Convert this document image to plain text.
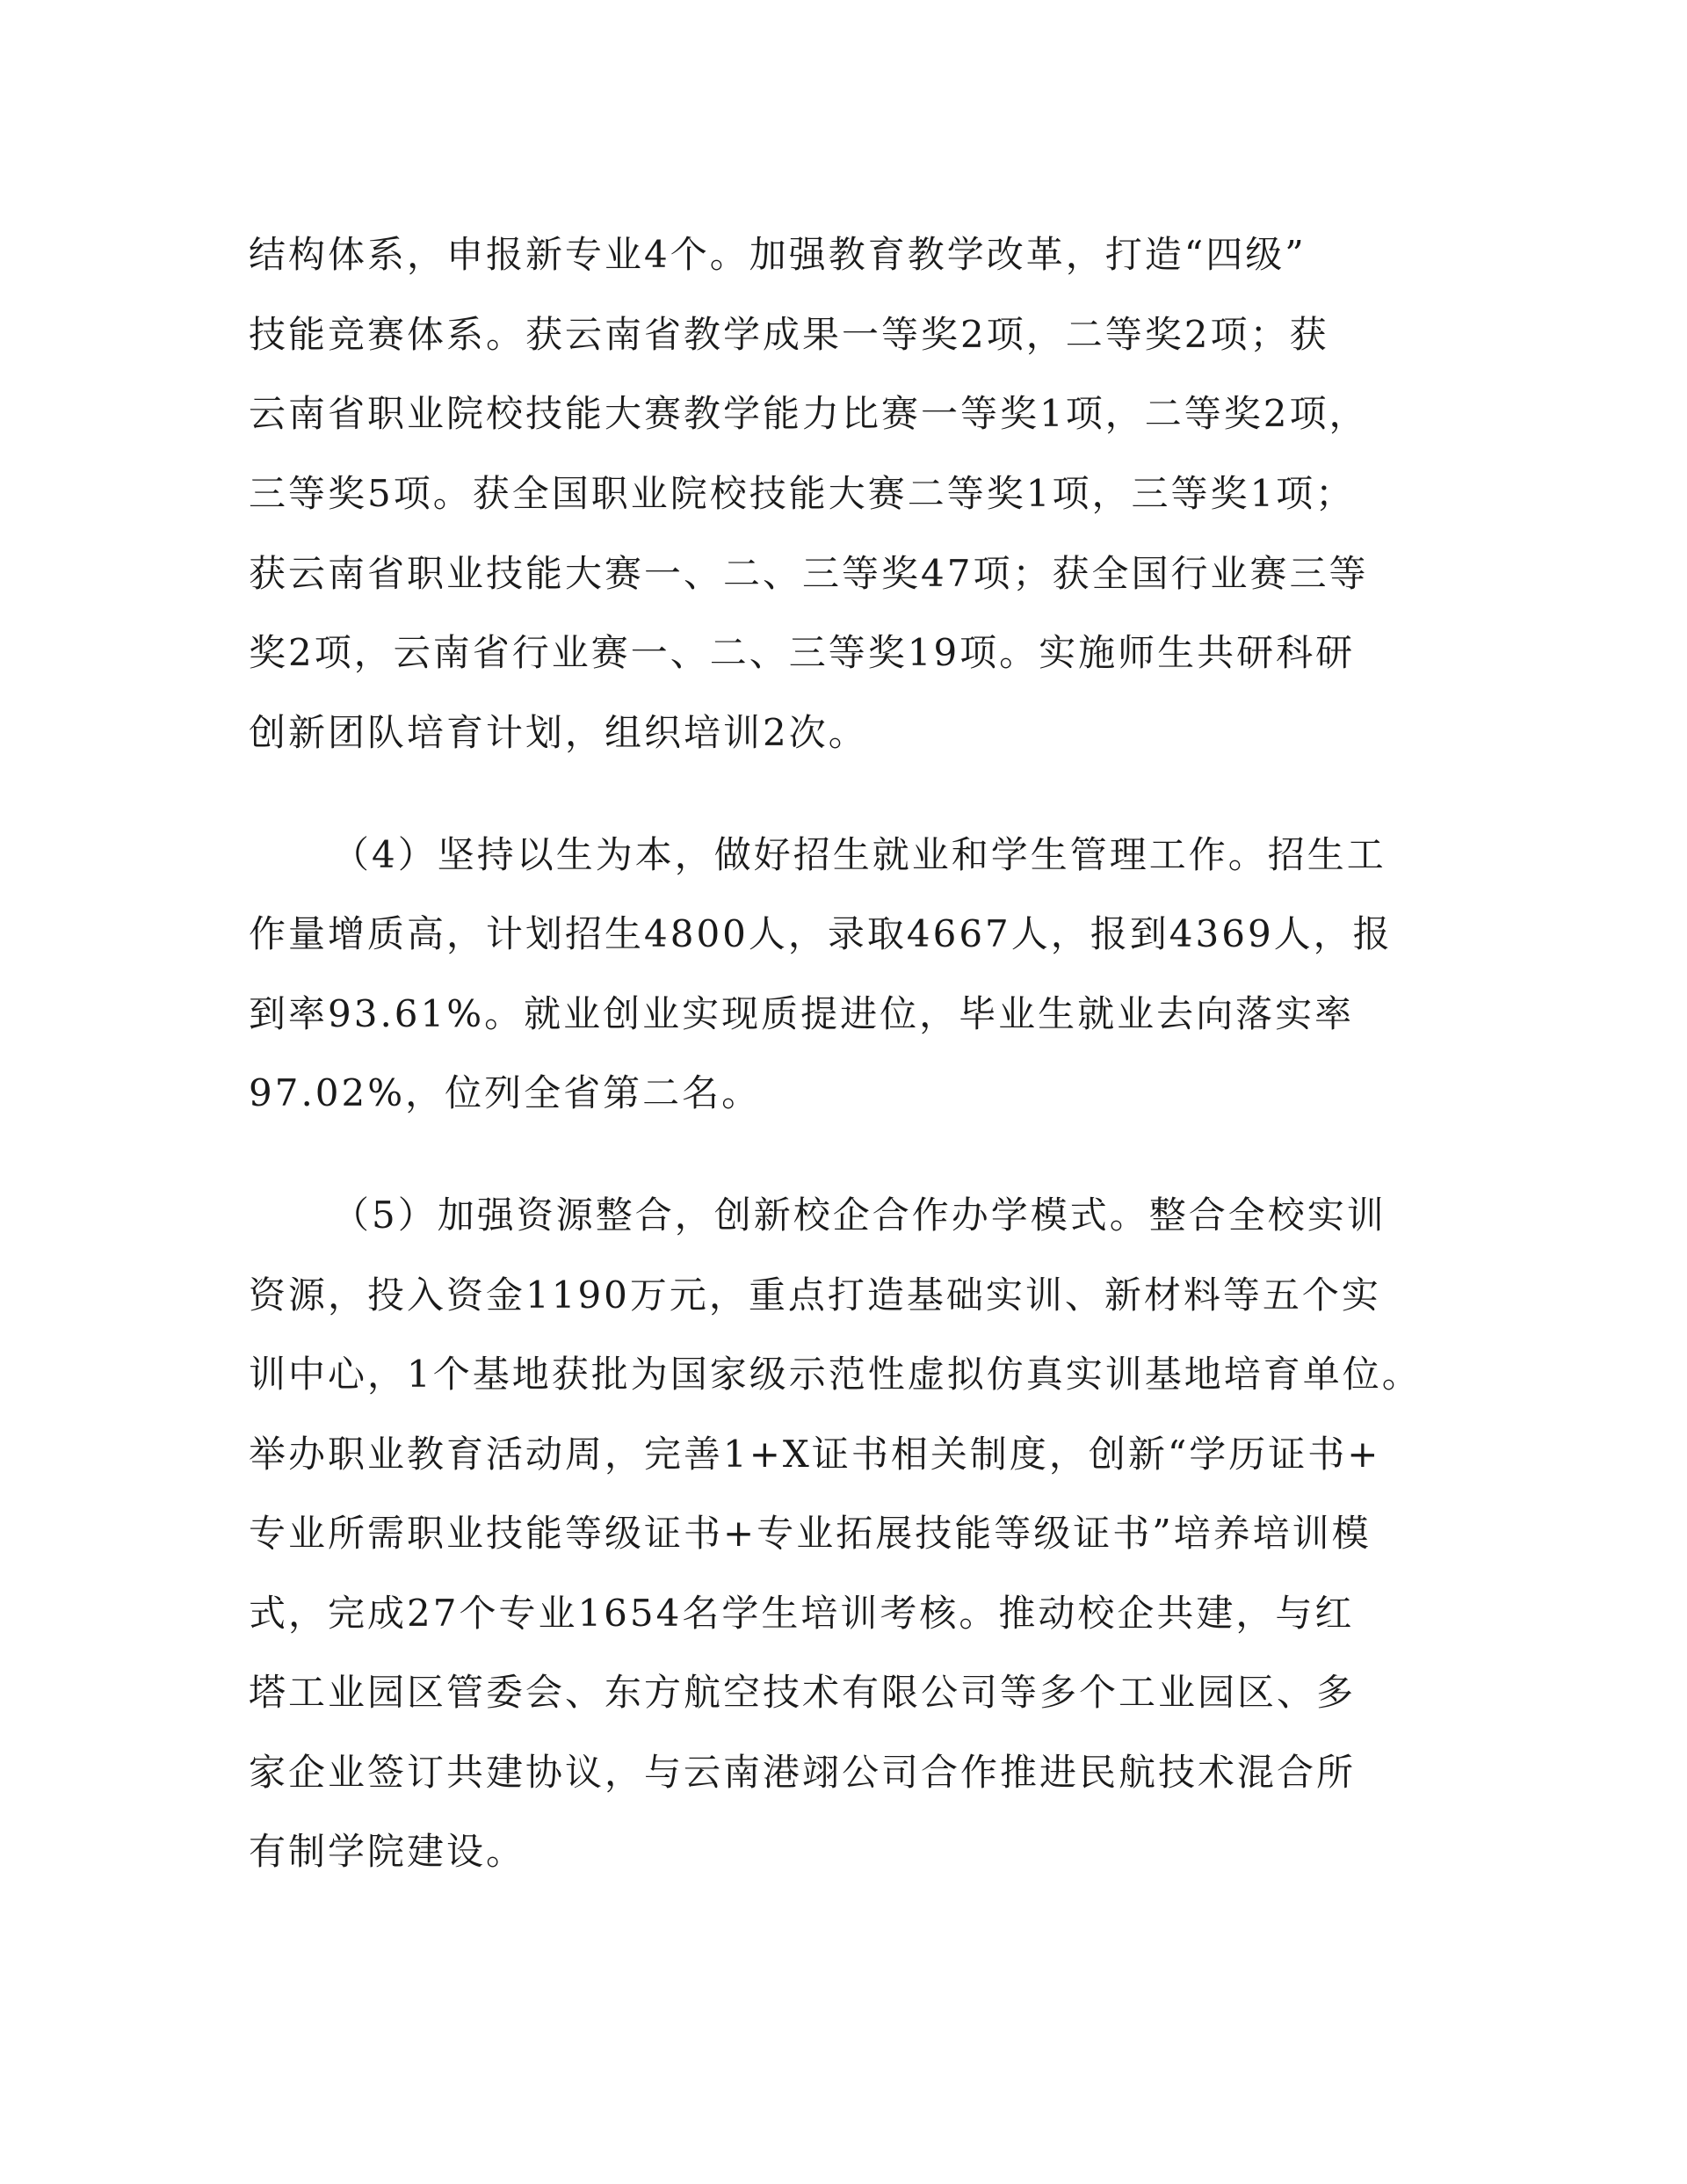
结构体系，申报新专业4个。加强教育教学改革，打造“四级”
技能竞赛体系。获云南省教学成果一等奖2项，二等奖2项；获
云南省职业院校技能大赛教学能力比赛一等奖1项，二等奖2项，
三等奖5项。获全国职业院校技能大赛二等奖1项，三等奖1项；
获云南省职业技能大赛一、二、三等奖47项；获全国行业赛三等
奖2项，云南省行业赛一、二、三等奖19项。实施师生共研科研
创新团队培育计划，组织培训2次。
（4）坚持以生为本，做好招生就业和学生管理工作。招生工
作量增质高，计划招生4800人，录取4667人，报到4369人，报
到率93.61%。就业创业实现质提进位，毕业生就业去向落实率
97.02%，位列全省第二名。
（5）加强资源整合，创新校企合作办学模式。整合全校实训
资源，投入资金1190万元，重点打造基础实训、新材料等五个实
训中心，1个基地获批为国家级示范性虚拟仿真实训基地培育单位。
举办职业教育活动周，完善1+X证书相关制度，创新“学历证书+
专业所需职业技能等级证书+专业拓展技能等级证书”培养培训模
式，完成27个专业1654名学生培训考核。推动校企共建，与红
塔工业园区管委会、东方航空技术有限公司等多个工业园区、多
家企业签订共建协议，与云南港翊公司合作推进民航技术混合所
有制学院建设。
